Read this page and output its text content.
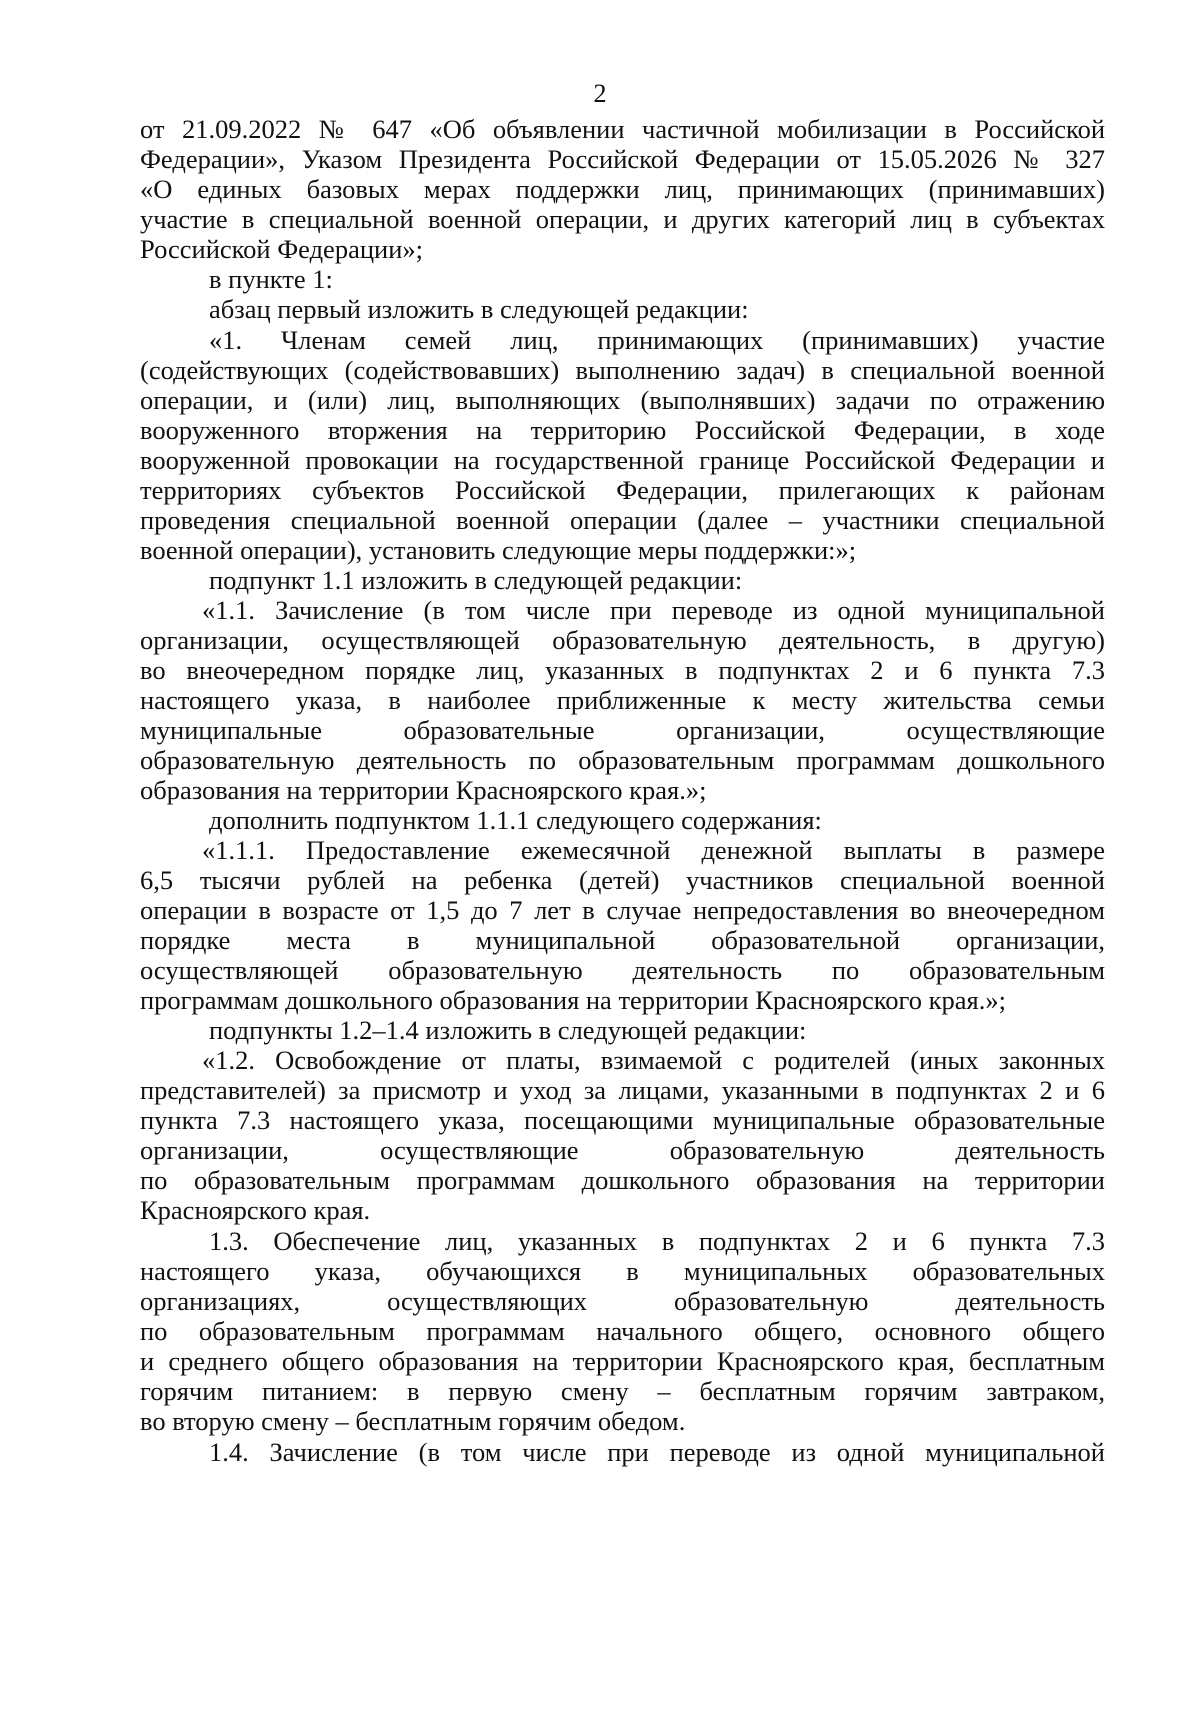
2
от 21.09.2022 № 647 «Об объявлении частичной мобилизации в Российской
Федерации», Указом Президента Российской Федерации от 15.05.2026 № 327
«О единых базовых мерах поддержки лиц, принимающих (принимавших)
участие в специальной военной операции, и других категорий лиц в субъектах
Российской Федерации»;
в пункте 1:
абзац первый изложить в следующей редакции:
«1. Членам семей лиц, принимающих (принимавших) участие
(содействующих (содействовавших) выполнению задач) в специальной военной
операции, и (или) лиц, выполняющих (выполнявших) задачи по отражению
вооруженного вторжения на территорию Российской Федерации, в ходе
вооруженной провокации на государственной границе Российской Федерации и
территориях субъектов Российской Федерации, прилегающих к районам
проведения специальной военной операции (далее – участники специальной
военной операции), установить следующие меры поддержки:»;
подпункт 1.1 изложить в следующей редакции:
«1.1. Зачисление (в том числе при переводе из одной муниципальной
организации, осуществляющей образовательную деятельность, в другую)
во внеочередном порядке лиц, указанных в подпунктах 2 и 6 пункта 7.3
настоящего указа, в наиболее приближенные к месту жительства семьи
муниципальные образовательные организации, осуществляющие
образовательную деятельность по образовательным программам дошкольного
образования на территории Красноярского края.»;
дополнить подпунктом 1.1.1 следующего содержания:
«1.1.1. Предоставление ежемесячной денежной выплаты в размере
6,5 тысячи рублей на ребенка (детей) участников специальной военной
операции в возрасте от 1,5 до 7 лет в случае непредоставления во внеочередном
порядке места в муниципальной образовательной организации,
осуществляющей образовательную деятельность по образовательным
программам дошкольного образования на территории Красноярского края.»;
подпункты 1.2–1.4 изложить в следующей редакции:
«1.2. Освобождение от платы, взимаемой с родителей (иных законных
представителей) за присмотр и уход за лицами, указанными в подпунктах 2 и 6
пункта 7.3 настоящего указа, посещающими муниципальные образовательные
организации, осуществляющие образовательную деятельность
по образовательным программам дошкольного образования на территории
Красноярского края.
1.3. Обеспечение лиц, указанных в подпунктах 2 и 6 пункта 7.3
настоящего указа, обучающихся в муниципальных образовательных
организациях, осуществляющих образовательную деятельность
по образовательным программам начального общего, основного общего
и среднего общего образования на территории Красноярского края, бесплатным
горячим питанием: в первую смену – бесплатным горячим завтраком,
во вторую смену – бесплатным горячим обедом.
1.4. Зачисление (в том числе при переводе из одной муниципальной
